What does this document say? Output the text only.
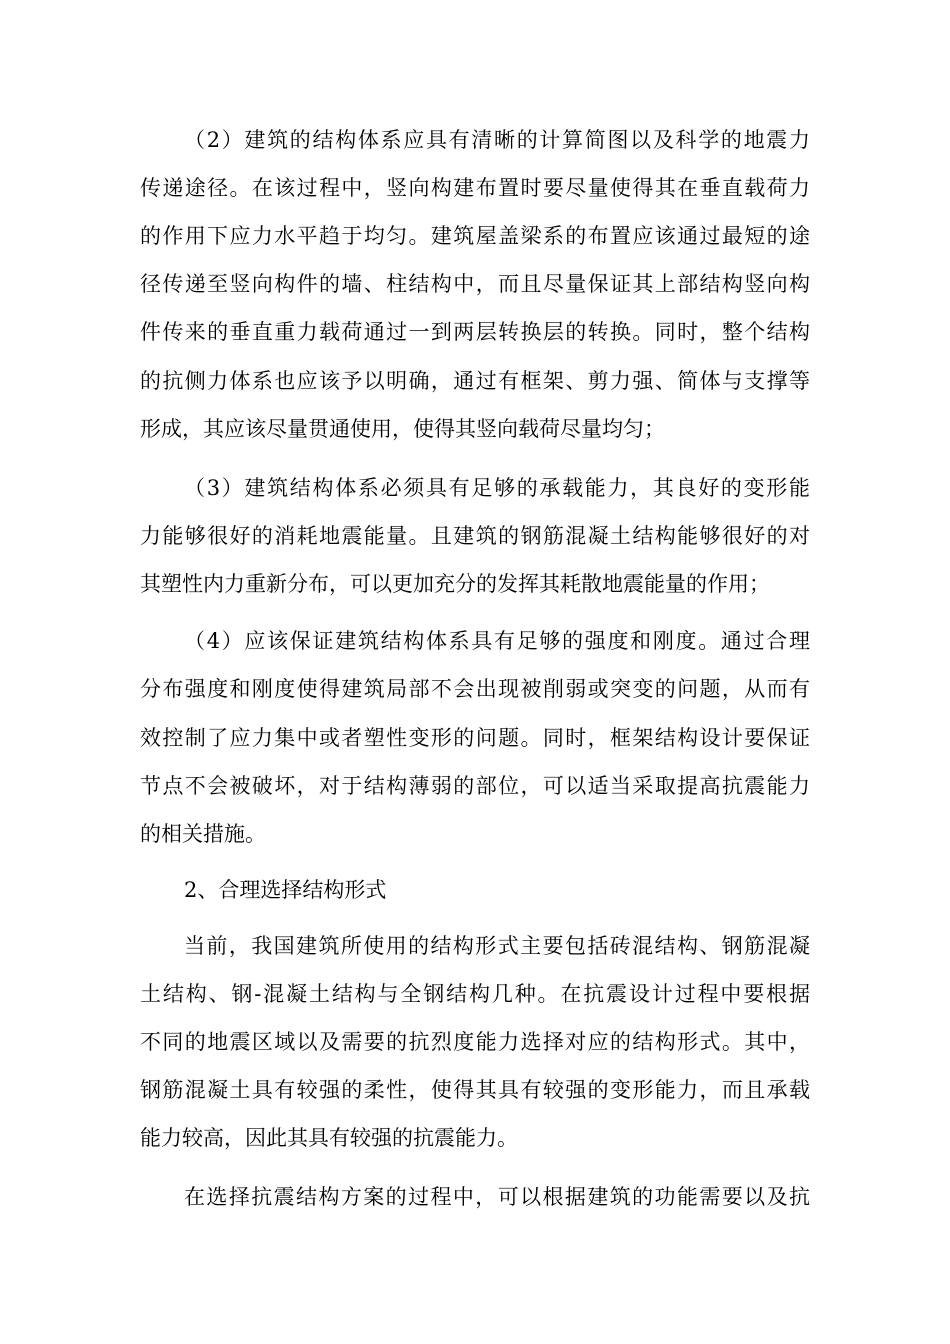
（2）建筑的结构体系应具有清晰的计算简图以及科学的地震力
传递途径。在该过程中，竖向构建布置时要尽量使得其在垂直载荷力
的作用下应力水平趋于均匀。建筑屋盖梁系的布置应该通过最短的途
径传递至竖向构件的墙、柱结构中，而且尽量保证其上部结构竖向构
件传来的垂直重力载荷通过一到两层转换层的转换。同时，整个结构
的抗侧力体系也应该予以明确，通过有框架、剪力强、简体与支撑等
形成，其应该尽量贯通使用，使得其竖向载荷尽量均匀；
（3）建筑结构体系必须具有足够的承载能力，其良好的变形能
力能够很好的消耗地震能量。且建筑的钢筋混凝土结构能够很好的对
其塑性内力重新分布，可以更加充分的发挥其耗散地震能量的作用；
（4）应该保证建筑结构体系具有足够的强度和刚度。通过合理
分布强度和刚度使得建筑局部不会出现被削弱或突变的问题，从而有
效控制了应力集中或者塑性变形的问题。同时，框架结构设计要保证
节点不会被破坏，对于结构薄弱的部位，可以适当采取提高抗震能力
的相关措施。
2、合理选择结构形式
当前，我国建筑所使用的结构形式主要包括砖混结构、钢筋混凝
土结构、钢-混凝土结构与全钢结构几种。在抗震设计过程中要根据
不同的地震区域以及需要的抗烈度能力选择对应的结构形式。其中，
钢筋混凝土具有较强的柔性，使得其具有较强的变形能力，而且承载
能力较高，因此其具有较强的抗震能力。
在选择抗震结构方案的过程中，可以根据建筑的功能需要以及抗
